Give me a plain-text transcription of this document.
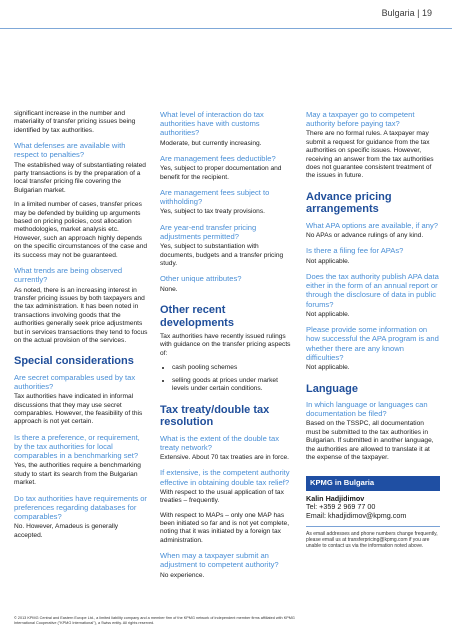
Bulgaria | 19

significant increase in the number and materiality of transfer pricing issues being identified by tax authorities.

What defenses are available with respect to penalties?

The established way of substantiating related party transactions is by the preparation of a local transfer pricing file covering the Bulgarian market.

In a limited number of cases, transfer prices may be defended by building up arguments based on pricing policies, cost allocation methodologies, market analysis etc. However, such an approach highly depends on the specific circumstances of the case and its success may not be guaranteed.

What trends are being observed currently?

As noted, there is an increasing interest in transfer pricing issues by both taxpayers and the tax administration. It has been noted in transactions involving goods that the authorities generally seek price adjustments but in services transactions they tend to focus on the actual provision of the services.

Special considerations
Are secret comparables used by tax authorities?

Tax authorities have indicated in informal discussions that they may use secret comparables. However, the feasibility of this approach is not yet certain.

Is there a preference, or requirement, by the tax authorities for local comparables in a benchmarking set?

Yes, the authorities require a benchmarking study to start its search from the Bulgarian market.

Do tax authorities have requirements or preferences regarding databases for comparables?

No. However, Amadeus is generally accepted.

What level of interaction do tax authorities have with customs authorities?

Moderate, but currently increasing.

Are management fees deductible?

Yes, subject to proper documentation and benefit for the recipient.

Are management fees subject to withholding?

Yes, subject to tax treaty provisions.

Are year-end transfer pricing adjustments permitted?

Yes, subject to substantiation with documents, budgets and a transfer pricing study.

Other unique attributes?

None.

Other recent developments

Tax authorities have recently issued rulings with guidance on the transfer pricing aspects of:

• cash pooling schemes
• selling goods at prices under market levels under certain conditions.
Tax treaty/double tax resolution
What is the extent of the double tax treaty network?

Extensive. About 70 tax treaties are in force.

If extensive, is the competent authority effective in obtaining double tax relief?

With respect to the usual application of tax treaties – frequently.

With respect to MAPs – only one MAP has been initiated so far and is not yet complete, noting that it was initiated by a foreign tax administration.

When may a taxpayer submit an adjustment to competent authority?

No experience.

May a taxpayer go to competent authority before paying tax?

There are no formal rules. A taxpayer may submit a request for guidance from the tax authorities on specific issues. However, receiving an answer from the tax authorities does not guarantee consistent treatment of the issues in future.

Advance pricing arrangements
What APA options are available, if any?

No APAs or advance rulings of any kind.

Is there a filing fee for APAs?

Not applicable.

Does the tax authority publish APA data either in the form of an annual report or through the disclosure of data in public forums?

Not applicable.

Please provide some information on how successful the APA program is and whether there are any known difficulties?

Not applicable.

Language
In which language or languages can documentation be filed?

Based on the TSSPC, all documentation must be submitted to the tax authorities in Bulgarian. If submitted in another language, the authorities are allowed to translate it at the expense of the taxpayer.

KPMG in Bulgaria
Kalin Hadjidimov
Tel: +359 2 969 77 00
Email: khadjidimov@kpmg.com
As email addresses and phone numbers change frequently, please email us at transferpricing@kpmg.com if you are unable to contact us via the information noted above.
© 2013 KPMG Central and Eastern Europe Ltd., a limited liability company and a member firm of the KPMG network of independent member firms affiliated with KPMG International Cooperative ("KPMG International"), a Swiss entity. All rights reserved.
